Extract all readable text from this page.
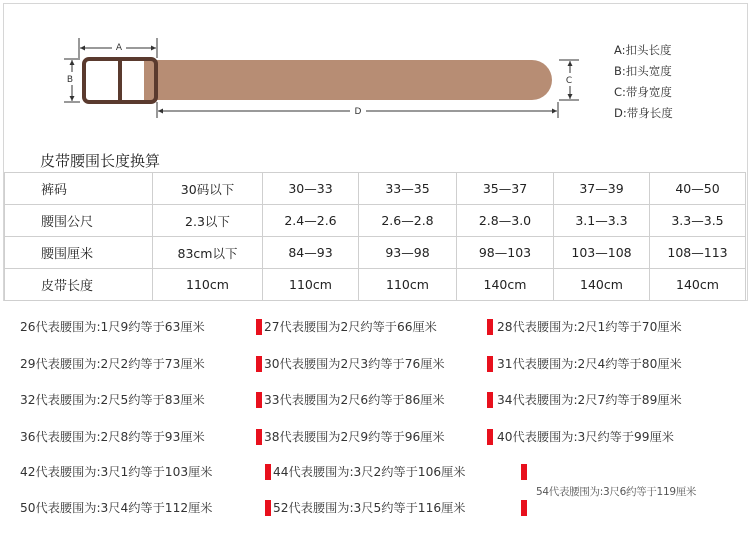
A
B	C
D
A:扣头长度
B:扣头宽度
C:带身宽度
D:带身长度
皮带腰围长度换算
裤码	30码以下	30—33	33—35	35—37	37—39	40—50
腰围公尺	2.3以下	2.4—2.6	2.6—2.8	2.8—3.0	3.1—3.3	3.3—3.5
腰围厘米	83cm以下	84—93	93—98	98—103	103—108	108—113
皮带长度	110cm	110cm	110cm	140cm	140cm	140cm
26代表腰围为:1尺9约等于63厘米	27代表腰围为2尺约等于66厘米	28代表腰围为:2尺1约等于70厘米
29代表腰围为:2尺2约等于73厘米	30代表腰围为2尺3约等于76厘米	31代表腰围为:2尺4约等于80厘米
32代表腰围为:2尺5约等于83厘米	33代表腰围为2尺6约等于86厘米	34代表腰围为:2尺7约等于89厘米
36代表腰围为:2尺8约等于93厘米	38代表腰围为2尺9约等于96厘米	40代表腰围为:3尺约等于99厘米
42代表腰围为:3尺1约等于103厘米	44代表腰围为:3尺2约等于106厘米
50代表腰围为:3尺4约等于112厘米	52代表腰围为:3尺5约等于116厘米
54代表腰围为:3尺6约等于119厘米
